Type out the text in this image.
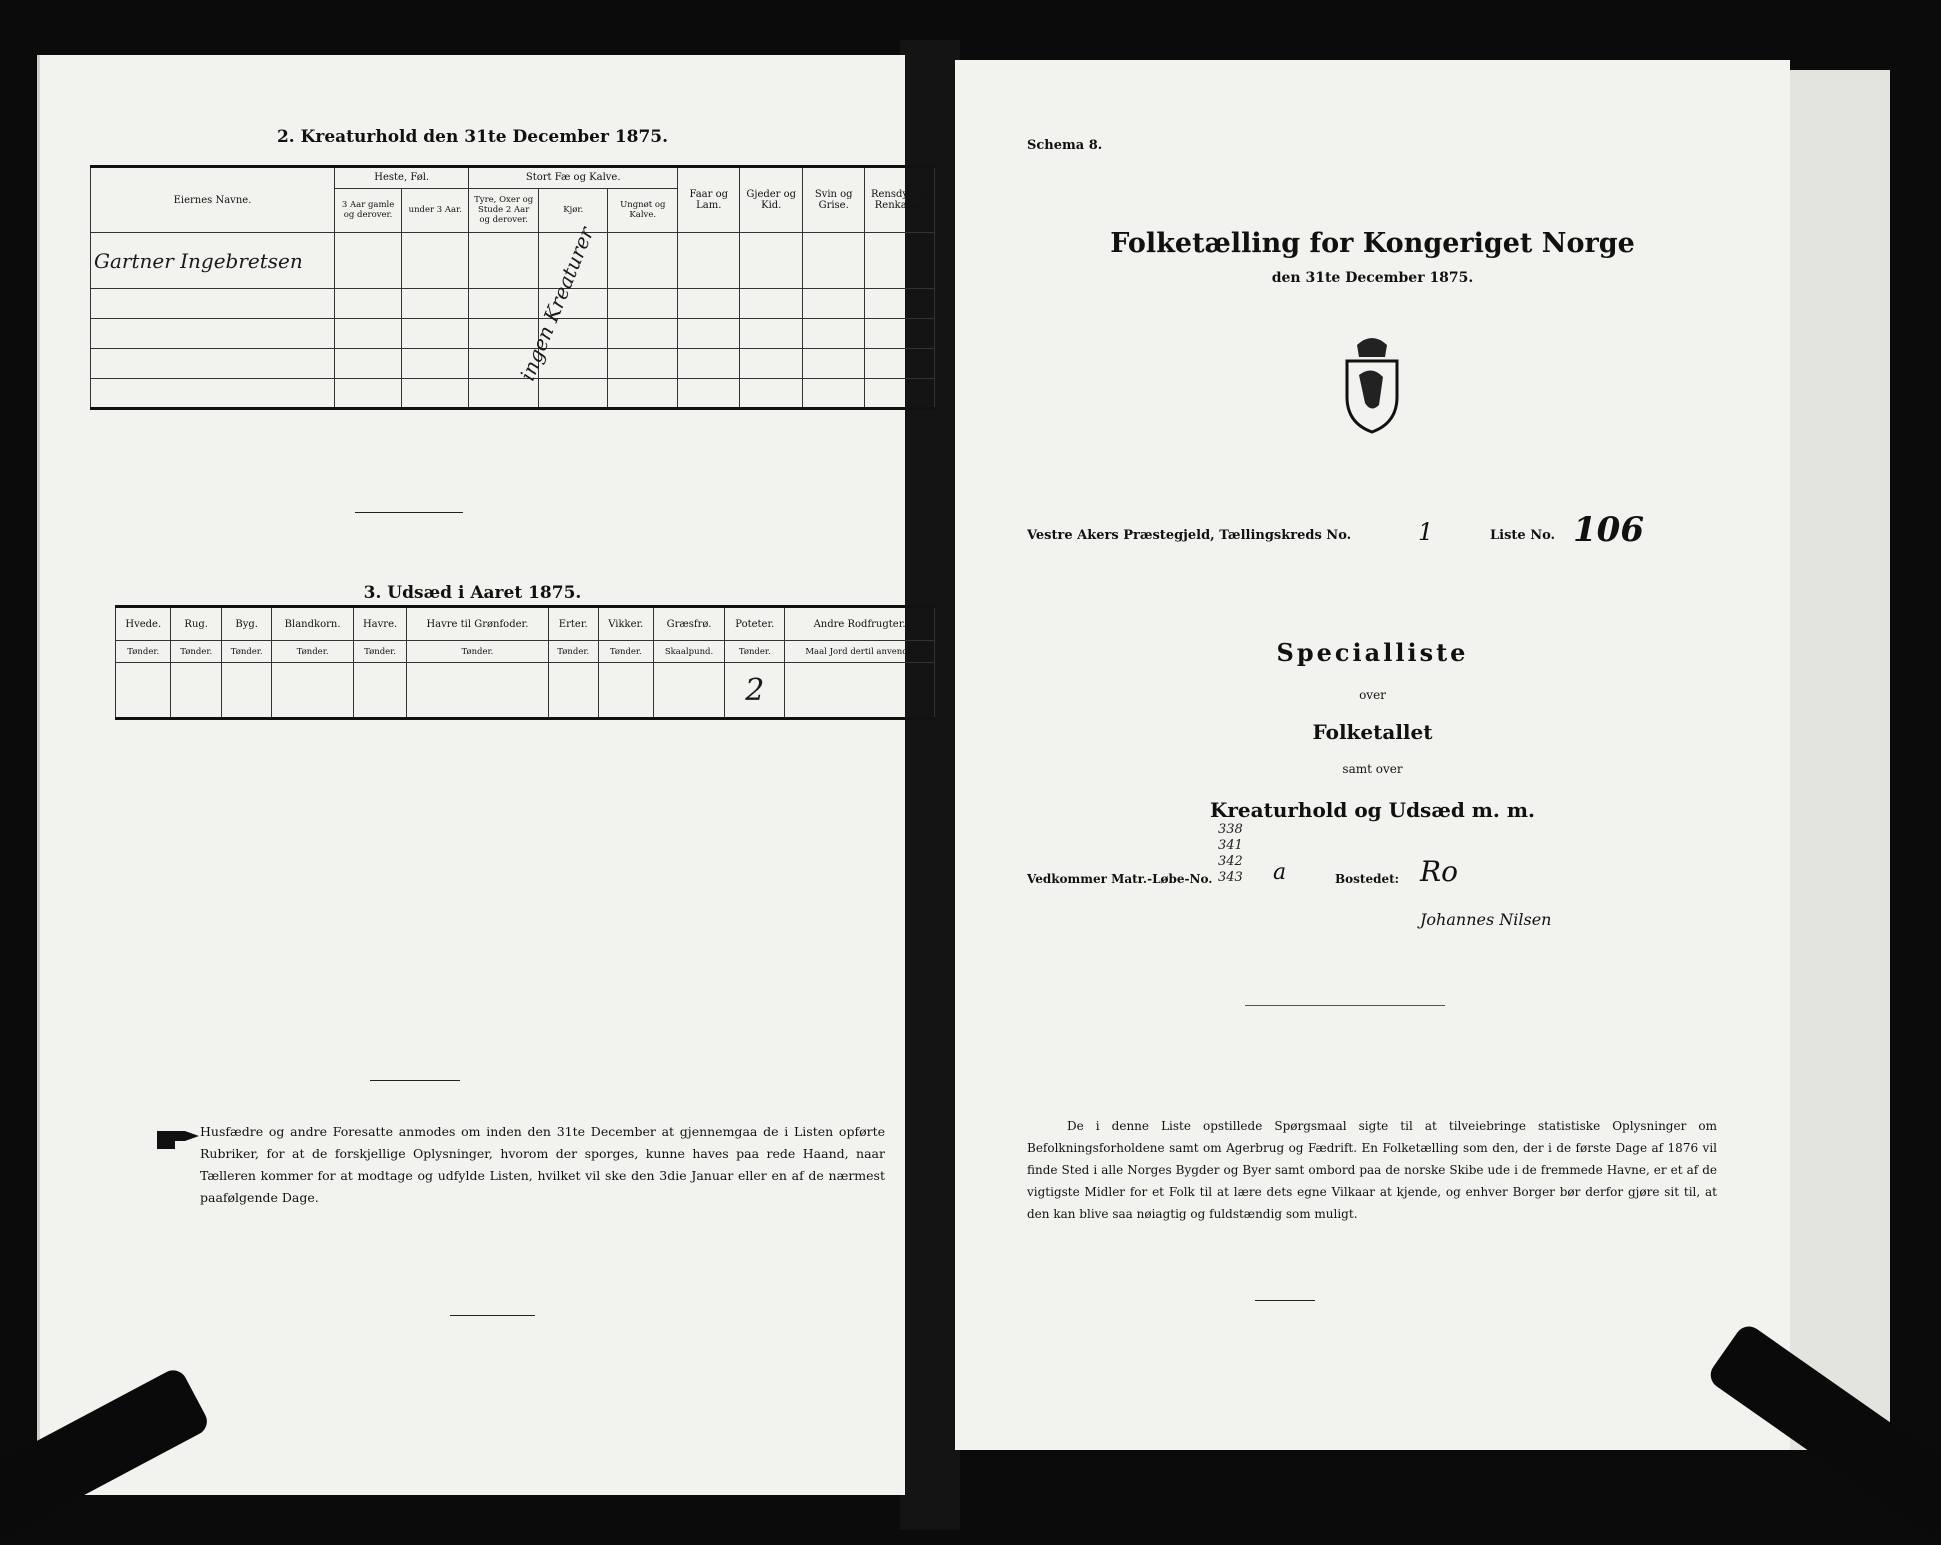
2. Kreaturhold den 31te December 1875.
Eiernes Navne.	Heste, Føl.		Stort Fæ og Kalve.			Faar og Lam.	Gjeder og Kid.	Svin og Grise.	Rensdyr og Renkalve.
	3 Aar gamle og derover.	under 3 Aar.	Tyre, Oxer og Stude 2 Aar og derover.	Kjør.	Ungnøt og Kalve.				
Gartner Ingebretsen									

										ingen Kreaturer
3. Udsæd i Aaret 1875.
Hvede.	Rug.	Byg.	Blandkorn.	Havre.	Havre til Grønfoder.	Erter.	Vikker.	Græsfrø.	Poteter.	Andre Rodfrugter.
Tønder.	Tønder.	Tønder.	Tønder.	Tønder.	Tønder.	Tønder.	Tønder.	Skaalpund.	Tønder.	Maal Jord dertil anvendt.
									2	
Husfædre og andre Foresatte anmodes om inden den 31te December at gjennemgaa de i Listen opførte Rubriker, for at de forskjellige Oplysninger, hvorom der sporges, kunne haves paa rede Haand, naar Tælleren kommer for at modtage og udfylde Listen, hvilket vil ske den 3die Januar eller en af de nærmest paafølgende Dage.
Schema 8.
Folketælling for Kongeriget Norge
den 31te December 1875.
Vestre Akers Præstegjeld, Tællingskreds No.	1	Liste No. 106
Specialliste
over
Folketallet
samt over
Kreaturhold og Udsæd m. m.
Vedkommer Matr.-Løbe-No.
338
341
342
343 a	Bostedet: Ro
Johannes Nilsen
De i denne Liste opstillede Spørgsmaal sigte til at tilveiebringe statistiske Oplysninger om Befolkningsforholdene samt om Agerbrug og Fædrift. En Folketælling som den, der i de første Dage af 1876 vil finde Sted i alle Norges Bygder og Byer samt ombord paa de norske Skibe ude i de fremmede Havne, er et af de vigtigste Midler for et Folk til at lære dets egne Vilkaar at kjende, og enhver Borger bør derfor gjøre sit til, at den kan blive saa nøiagtig og fuldstændig som muligt.
